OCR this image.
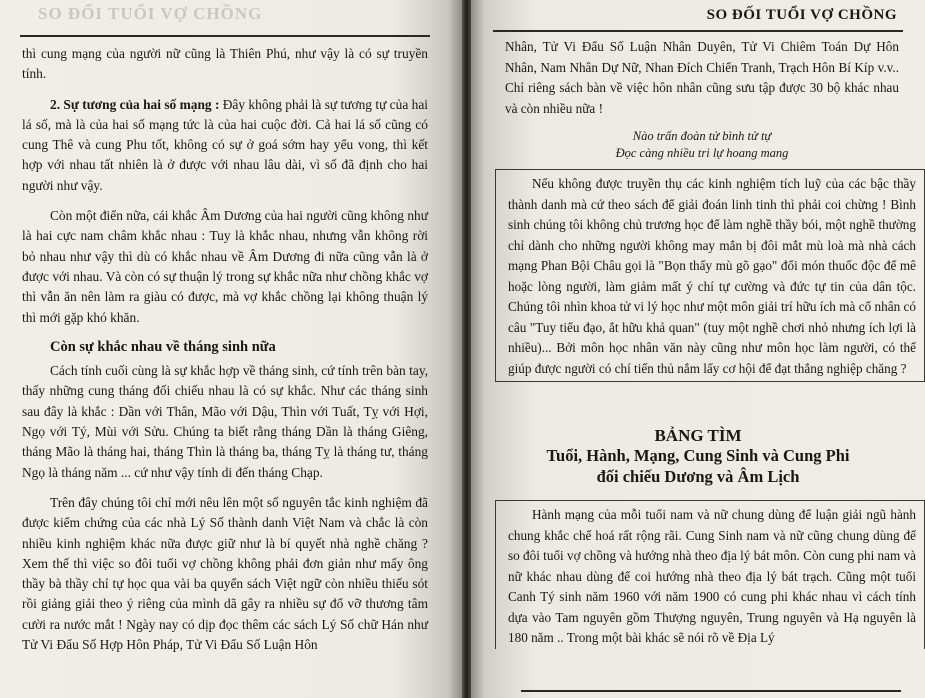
SO ĐỔI TUỔI VỢ CHỒNG

thì cung mạng của người nữ cũng là Thiên Phú, như vậy là có sự truyền tính.

2. Sự tương của hai số mạng : Đây không phải là sự tương tự của hai lá số, mà là của hai số mạng tức là của hai cuộc đời. Cả hai lá số cũng có cung Thê và cung Phu tốt, không có sự ở goá sớm hay yểu vong, thì kết hợp với nhau tất nhiên là ở được với nhau lâu dài, vì số đã định cho hai người như vậy.

Còn một điển nữa, cái khắc Âm Dương của hai người cũng không như là hai cực nam châm khắc nhau : Tuy là khắc nhau, nhưng vẫn không rời bỏ nhau như vậy thì dù có khắc nhau về Âm Dương đi nữa cũng vẫn là ở được với nhau. Và còn có sự thuận lý trong sự khắc nữa như chồng khắc vợ thì vẫn ăn nên làm ra giàu có được, mà vợ khắc chồng lại không thuận lý thì mới gặp khó khăn.

Còn sự khắc nhau về tháng sinh nữa

Cách tính cuối cùng là sự khắc hợp về tháng sinh, cứ tính trên bàn tay, thấy những cung tháng đối chiếu nhau là có sự khắc. Như các tháng sinh sau đây là khắc : Dần với Thân, Mão với Dậu, Thìn với Tuất, Tỵ với Hợi, Ngọ với Tý, Mùi với Sửu. Chúng ta biết rằng tháng Dần là tháng Giêng, tháng Mão là tháng hai, tháng Thìn là tháng ba, tháng Tỵ là tháng tư, tháng Ngọ là tháng năm ... cứ như vậy tính di đến tháng Chạp.

Trên đây chúng tôi chỉ mới nêu lên một số nguyên tắc kinh nghiệm đã được kiểm chứng của các nhà Lý Số thành danh Việt Nam và chắc là còn nhiều kinh nghiệm khác nữa được giữ như là bí quyết nhà nghề chăng ? Xem thế thì việc so đôi tuổi vợ chồng không phải đơn giản như mấy ông thầy bà thầy chỉ tự học qua vài ba quyển sách Việt ngữ còn nhiều thiếu sót rồi giảng giải theo ý riêng của mình dã gây ra nhiều sự đổ vỡ thương tâm cười ra nước mắt ! Ngày nay có dịp đọc thêm các sách Lý Số chữ Hán như Tử Vi Đẩu Số Hợp Hôn Pháp, Tử Vi Đẩu Số Luận Hôn

SO ĐỐI TUỔI VỢ CHỒNG

Nhân, Tử Vi Đẩu Số Luận Nhân Duyên, Tử Vi Chiêm Toán Dự Hôn Nhân, Nam Nhân Dự Nữ, Nhan Đích Chiến Tranh, Trạch Hôn Bí Kíp v.v.. Chỉ riêng sách bàn về việc hôn nhân cũng sưu tập được 30 bộ khác nhau và còn nhiều nữa !

Nào trấn đoàn tử bình tử tự
Đọc càng nhiều tri lự hoang mang

Nếu không được truyền thụ các kinh nghiệm tích luỹ của các bậc thầy thành danh mà cứ theo sách để giải đoán linh tinh thì phải coi chừng ! Bình sinh chúng tôi không chủ trương học để làm nghề thầy bói, một nghề thường chỉ dành cho những người không may mắn bị đôi mắt mù loà mà nhà cách mạng Phan Bội Châu gọi là "Bọn thấy mù gõ gạo" đổi món thuốc độc để mê hoặc lòng người, làm giảm mất ý chí tự cường và đức tự tin của dân tộc. Chúng tôi nhìn khoa tử vi lý học như một môn giải trí hữu ích mà cổ nhân có câu "Tuy tiểu đạo, ắt hữu khả quan" (tuy một nghề chơi nhỏ nhưng ích lợi là nhiều)... Bởi môn học nhân văn này cũng như môn học làm người, có thể giúp được người có chí tiến thủ nắm lấy cơ hội để đạt thắng nghiệp chăng ?

BẢNG TÌM
Tuổi, Hành, Mạng, Cung Sinh và Cung Phi
đối chiếu Dương và Âm Lịch

Hành mạng của mỗi tuổi nam và nữ chung dùng để luận giải ngũ hành chung khắc chế hoá rất rộng rãi. Cung Sinh nam và nữ cũng chung dùng để so đôi tuổi vợ chồng và hướng nhà theo địa lý bát môn. Còn cung phi nam và nữ khác nhau dùng để coi hướng nhà theo địa lý bát trạch. Cũng một tuổi Canh Tý sinh năm 1960 với năm 1900 có cung phi khác nhau vì cách tính dựa vào Tam nguyên gồm Thượng nguyên, Trung nguyên và Hạ nguyên là 180 năm .. Trong một bài khác sẽ nói rõ về Địa Lý
